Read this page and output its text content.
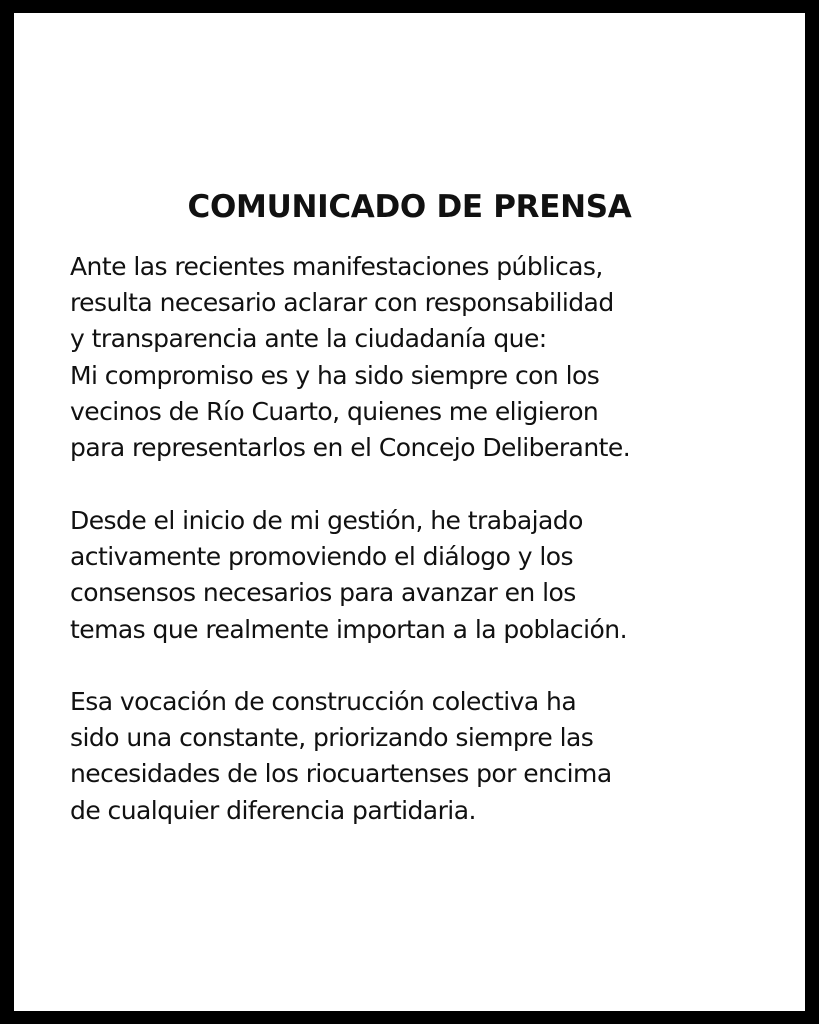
COMUNICADO DE PRENSA

Ante las recientes manifestaciones públicas,
resulta necesario aclarar con responsabilidad
y transparencia ante la ciudadanía que:
Mi compromiso es y ha sido siempre con los
vecinos de Río Cuarto, quienes me eligieron
para representarlos en el Concejo Deliberante.

Desde el inicio de mi gestión, he trabajado
activamente promoviendo el diálogo y los
consensos necesarios para avanzar en los
temas que realmente importan a la población.

Esa vocación de construcción colectiva ha
sido una constante, priorizando siempre las
necesidades de los riocuartenses por encima
de cualquier diferencia partidaria.
